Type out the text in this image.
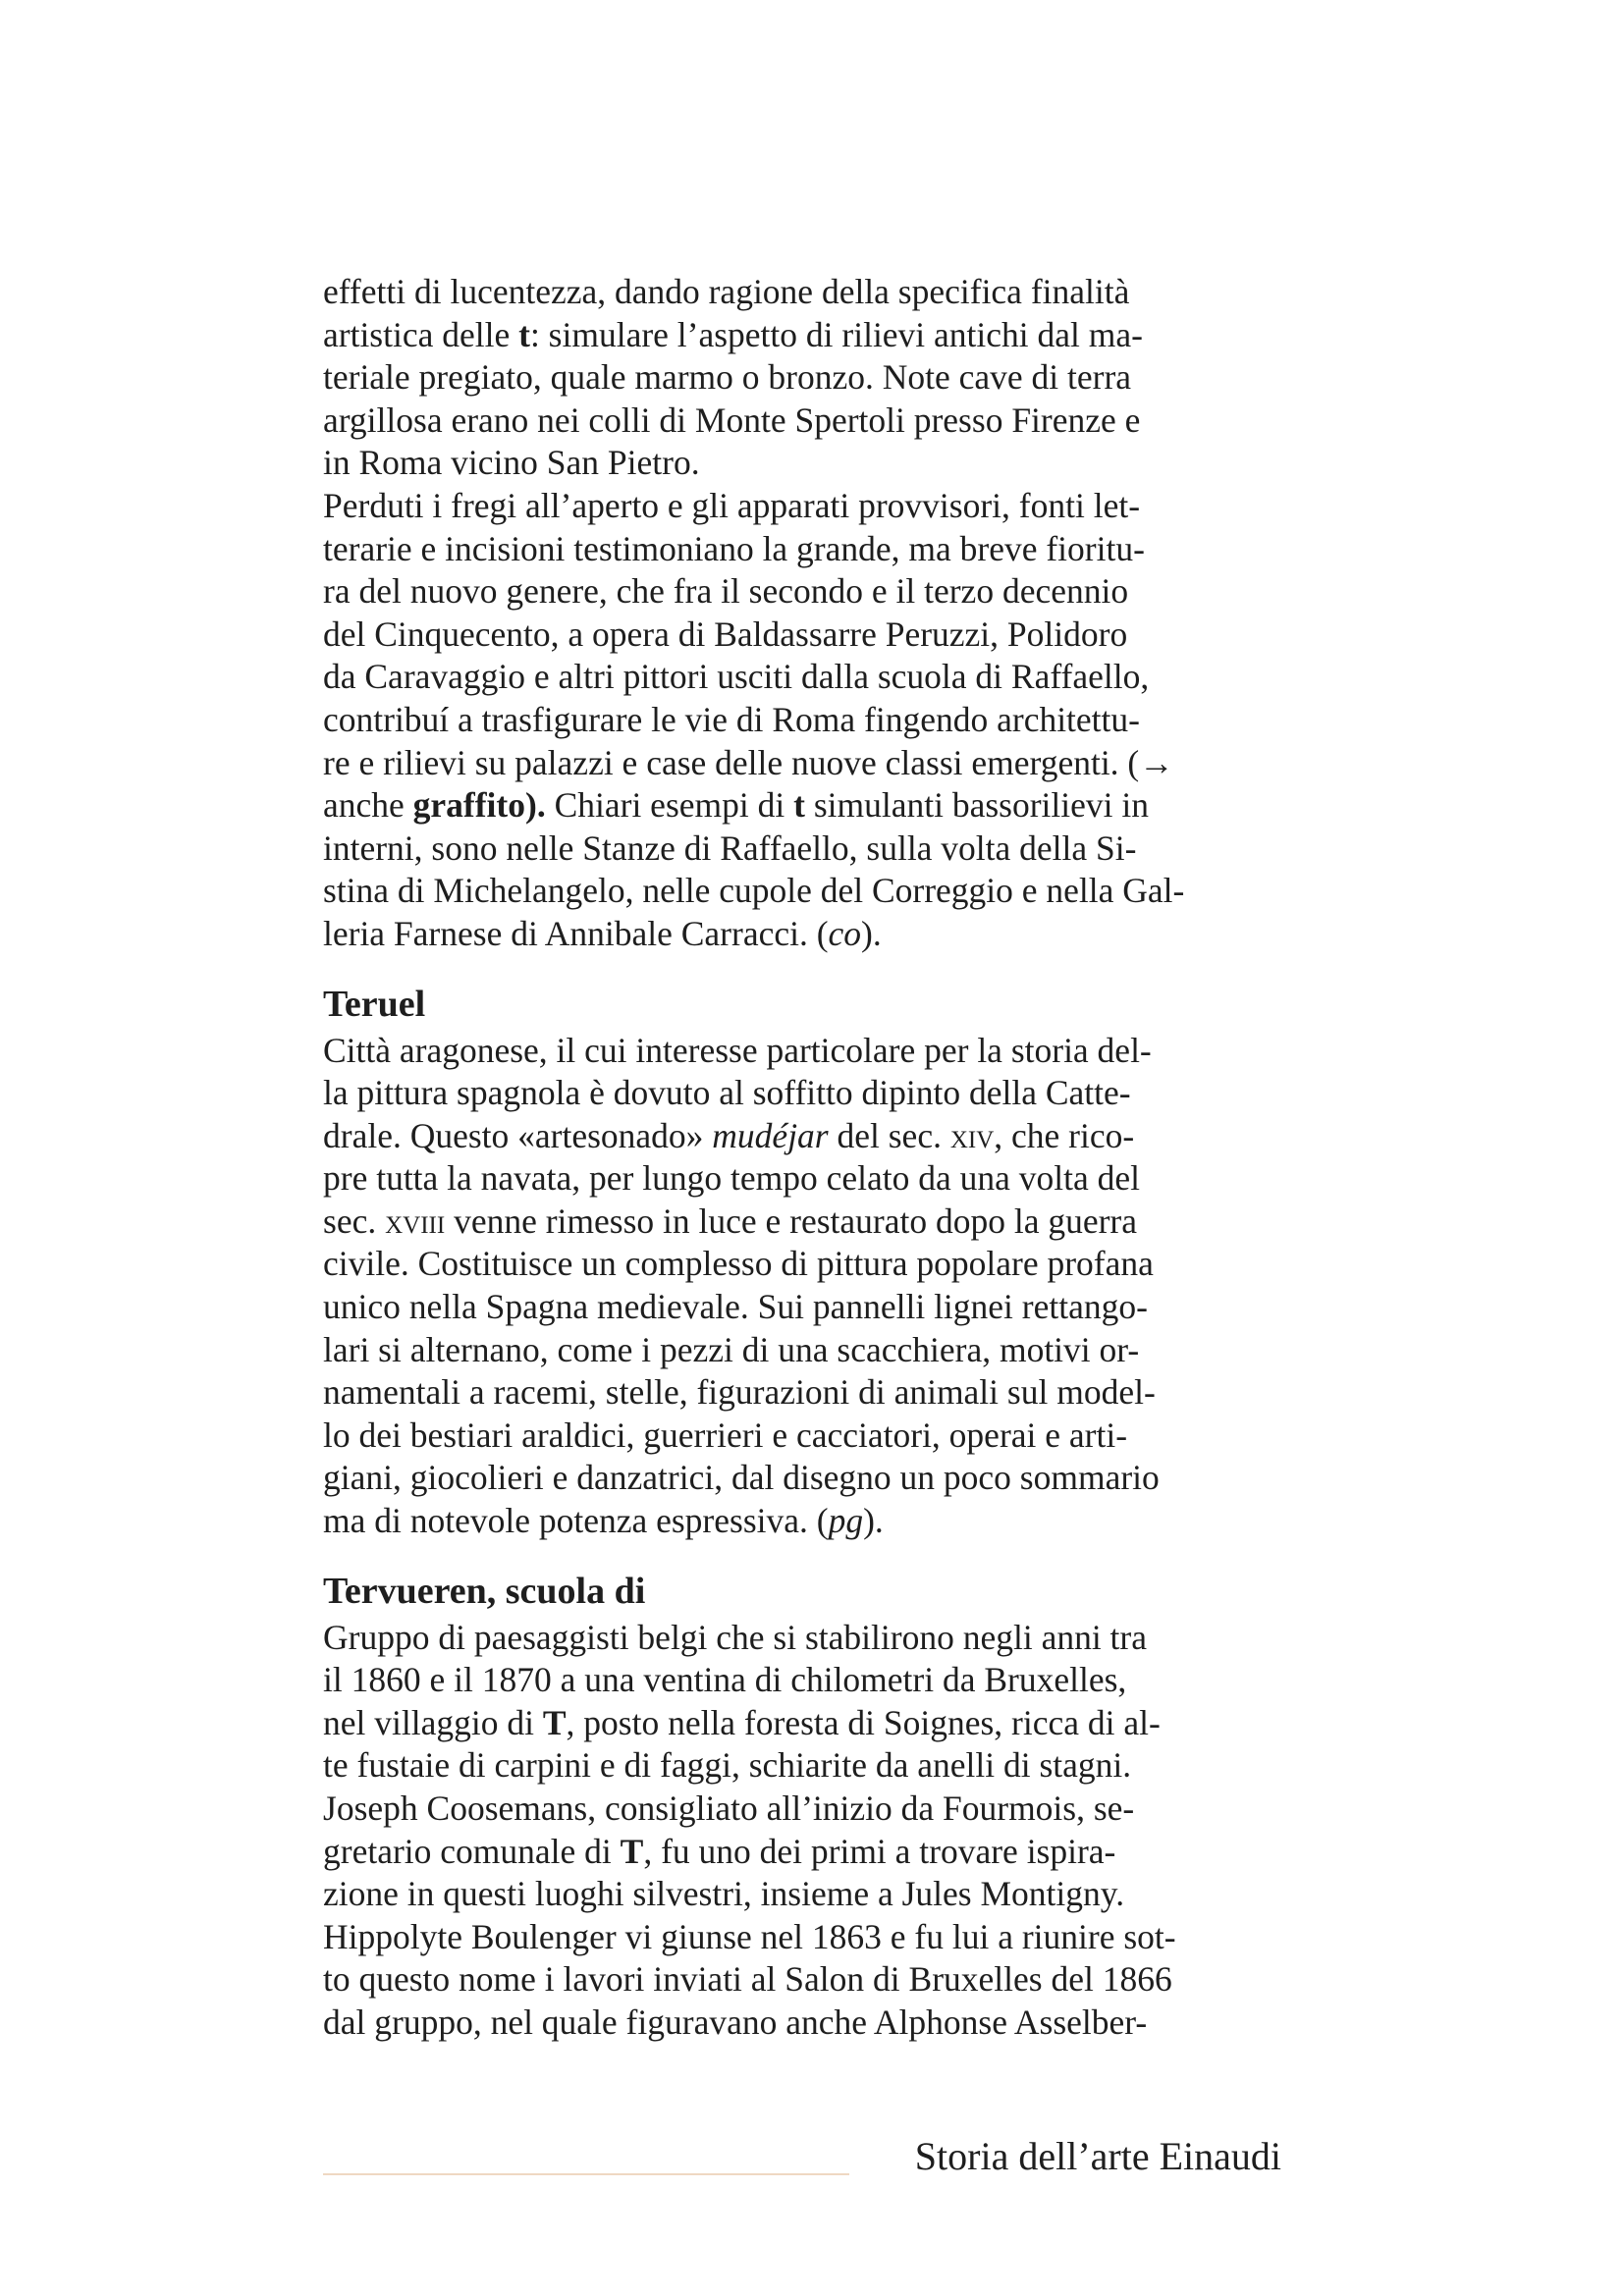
effetti di lucentezza, dando ragione della specifica finalità
artistica delle t: simulare l’aspetto di rilievi antichi dal ma-
teriale pregiato, quale marmo o bronzo. Note cave di terra
argillosa erano nei colli di Monte Spertoli presso Firenze e
in Roma vicino San Pietro.
Perduti i fregi all’aperto e gli apparati provvisori, fonti let-
terarie e incisioni testimoniano la grande, ma breve fioritu-
ra del nuovo genere, che fra il secondo e il terzo decennio
del Cinquecento, a opera di Baldassarre Peruzzi, Polidoro
da Caravaggio e altri pittori usciti dalla scuola di Raffaello,
contribuí a trasfigurare le vie di Roma fingendo architettu-
re e rilievi su palazzi e case delle nuove classi emergenti. (→
anche graffito). Chiari esempi di t simulanti bassorilievi in
interni, sono nelle Stanze di Raffaello, sulla volta della Si-
stina di Michelangelo, nelle cupole del Correggio e nella Gal-
leria Farnese di Annibale Carracci. (co).
Teruel
Città aragonese, il cui interesse particolare per la storia del-
la pittura spagnola è dovuto al soffitto dipinto della Catte-
drale. Questo «artesonado» mudéjar del sec. xiv, che rico-
pre tutta la navata, per lungo tempo celato da una volta del
sec. xviii venne rimesso in luce e restaurato dopo la guerra
civile. Costituisce un complesso di pittura popolare profana
unico nella Spagna medievale. Sui pannelli lignei rettango-
lari si alternano, come i pezzi di una scacchiera, motivi or-
namentali a racemi, stelle, figurazioni di animali sul model-
lo dei bestiari araldici, guerrieri e cacciatori, operai e arti-
giani, giocolieri e danzatrici, dal disegno un poco sommario
ma di notevole potenza espressiva. (pg).
Tervueren, scuola di
Gruppo di paesaggisti belgi che si stabilirono negli anni tra
il 1860 e il 1870 a una ventina di chilometri da Bruxelles,
nel villaggio di T, posto nella foresta di Soignes, ricca di al-
te fustaie di carpini e di faggi, schiarite da anelli di stagni.
Joseph Coosemans, consigliato all’inizio da Fourmois, se-
gretario comunale di T, fu uno dei primi a trovare ispira-
zione in questi luoghi silvestri, insieme a Jules Montigny.
Hippolyte Boulenger vi giunse nel 1863 e fu lui a riunire sot-
to questo nome i lavori inviati al Salon di Bruxelles del 1866
dal gruppo, nel quale figuravano anche Alphonse Asselber-
Storia dell’arte Einaudi
